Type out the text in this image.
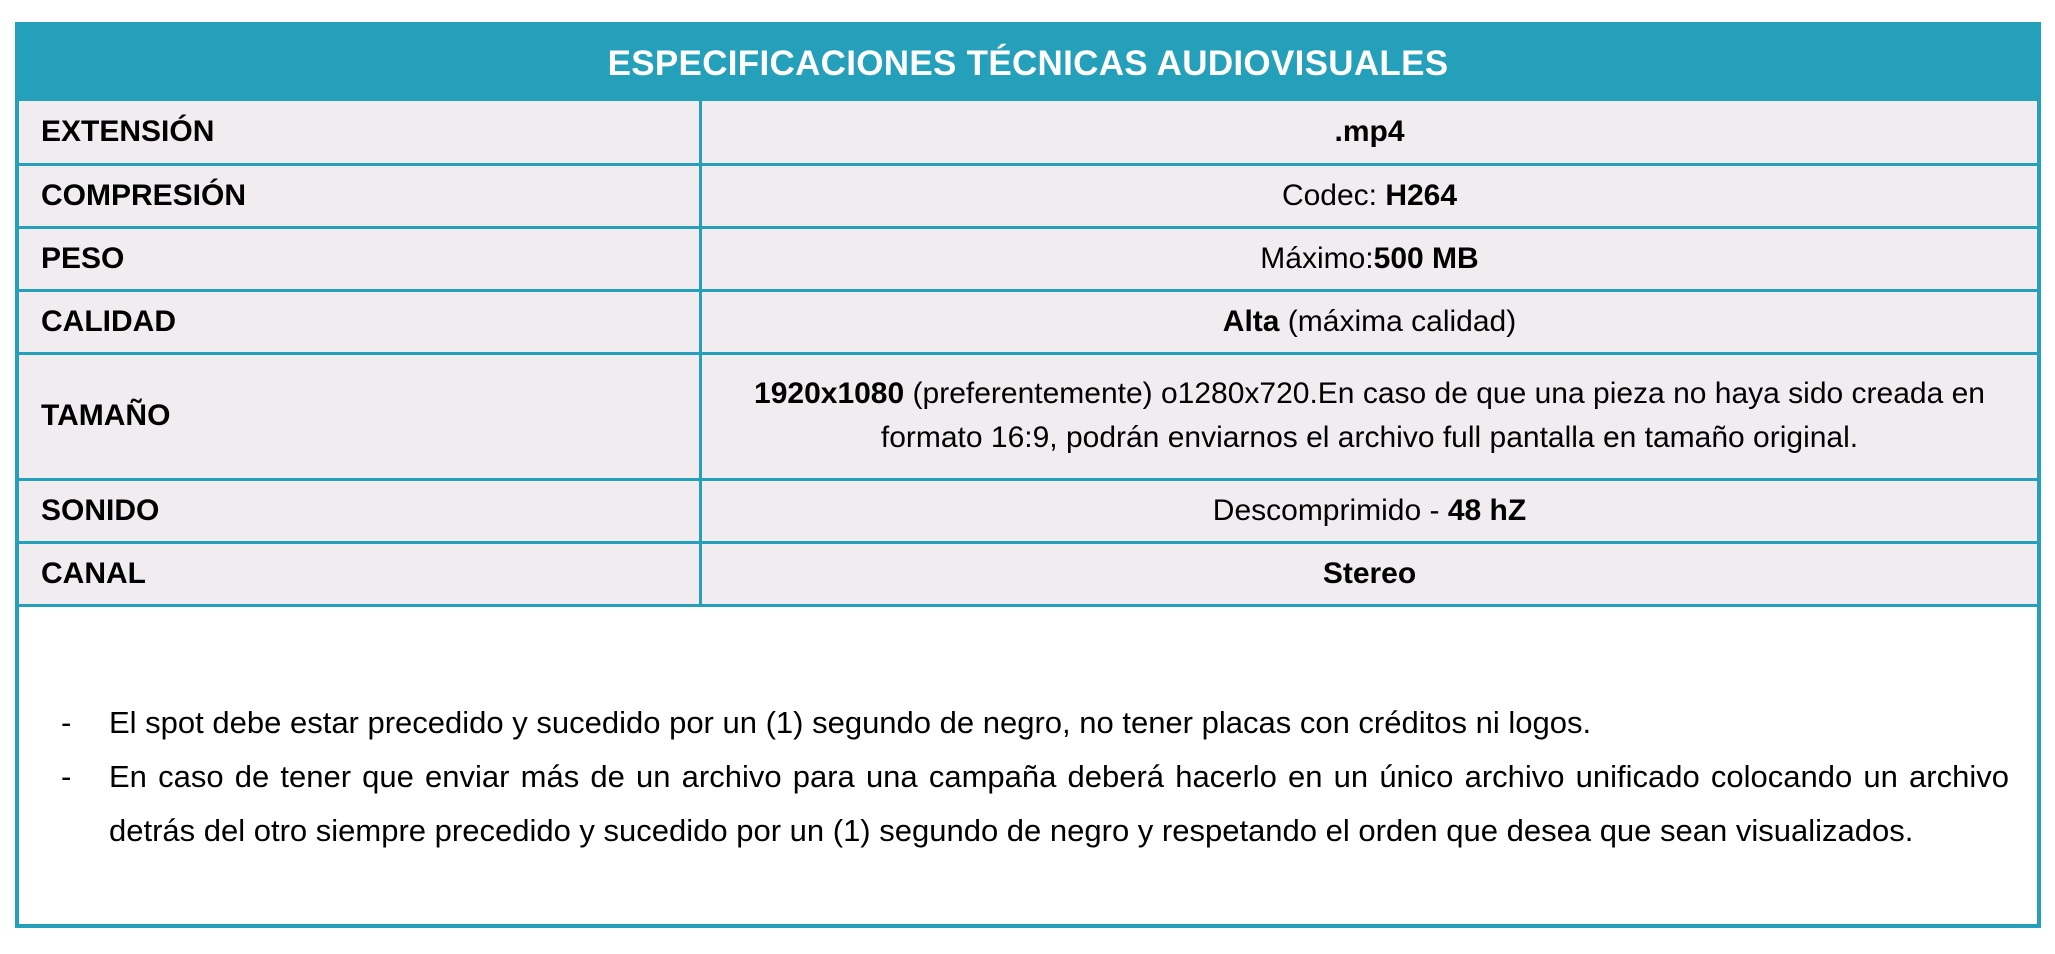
ESPECIFICACIONES TÉCNICAS AUDIOVISUALES
EXTENSIÓN	.mp4
COMPRESIÓN	Codec: H264
PESO	Máximo:500 MB
CALIDAD	Alta (máxima calidad)
TAMAÑO	1920x1080 (preferentemente) o1280x720.En caso de que una pieza no haya sido creada en formato 16:9, podrán enviarnos el archivo full pantalla en tamaño original.
SONIDO	Descomprimido - 48 hZ
CANAL	Stereo
- El spot debe estar precedido y sucedido por un (1) segundo de negro, no tener placas con créditos ni logos.
- En caso de tener que enviar más de un archivo para una campaña deberá hacerlo en un único archivo unificado colocando un archivo detrás del otro siempre precedido y sucedido por un (1) segundo de negro y respetando el orden que desea que sean visualizados.
